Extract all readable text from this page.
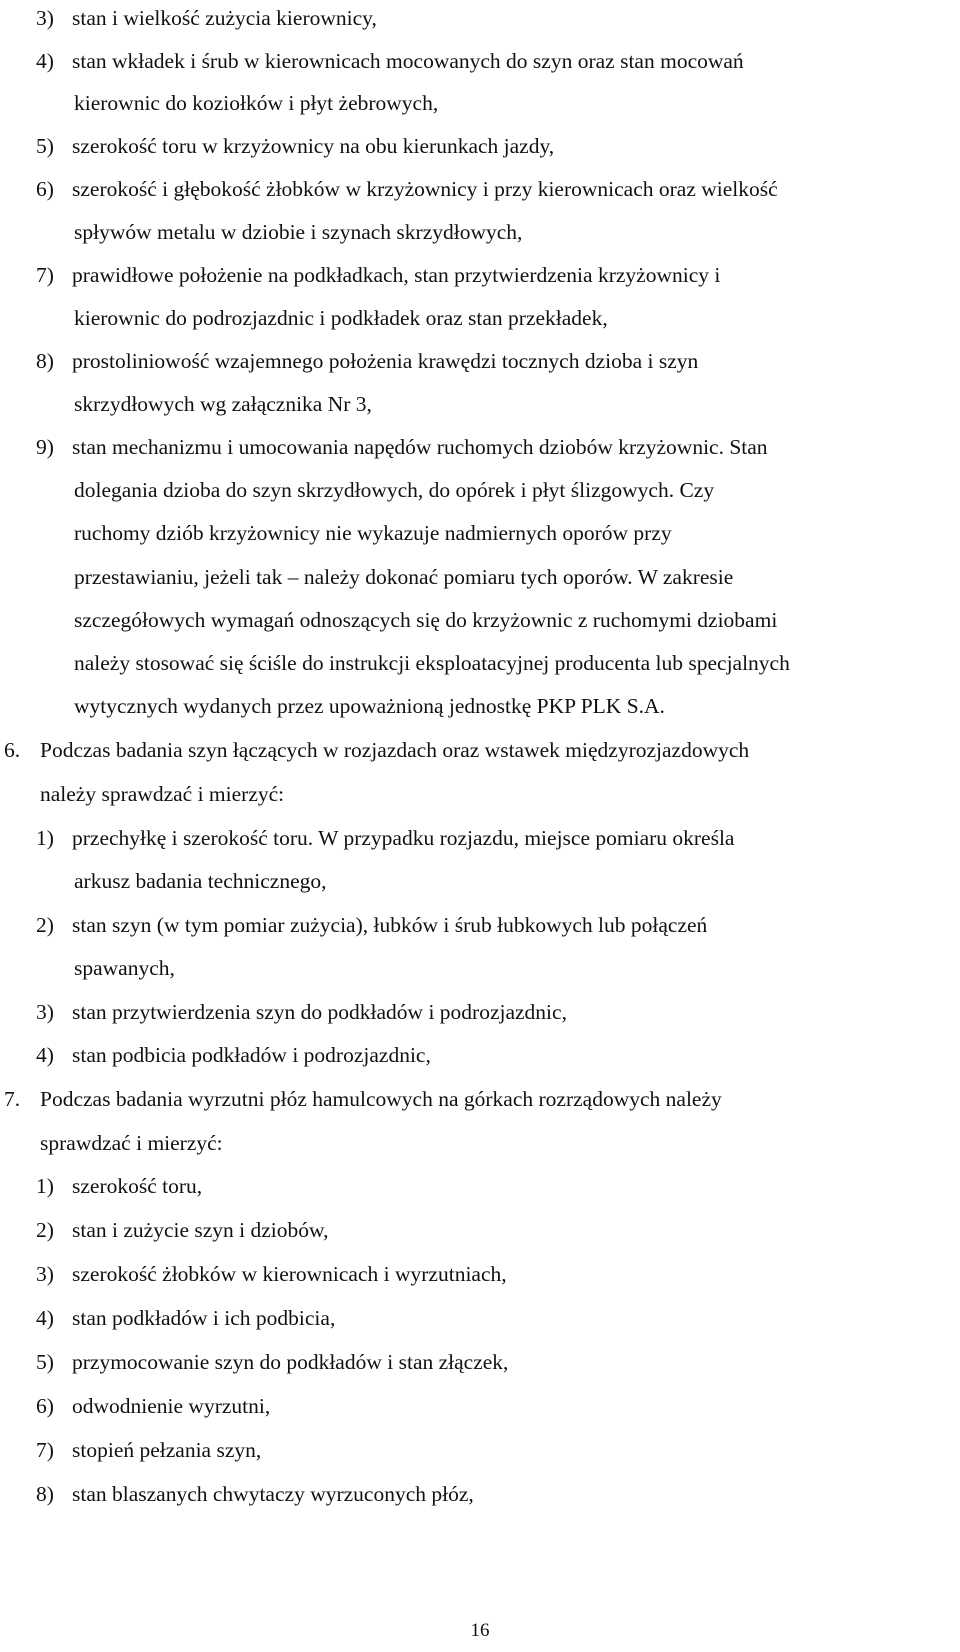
3) stan i wielkość zużycia kierownicy,
4) stan wkładek i śrub w kierownicach mocowanych do szyn oraz stan mocowań
kierownic do koziołków i płyt żebrowych,
5) szerokość toru w krzyżownicy na obu kierunkach jazdy,
6) szerokość i głębokość żłobków w krzyżownicy i przy kierownicach oraz wielkość
spływów metalu w dziobie i szynach skrzydłowych,
7) prawidłowe położenie na podkładkach, stan przytwierdzenia krzyżownicy i
kierownic do podrozjazdnic i podkładek oraz stan przekładek,
8) prostoliniowość wzajemnego położenia krawędzi tocznych dzioba i szyn
skrzydłowych wg załącznika Nr 3,
9) stan mechanizmu i umocowania napędów ruchomych dziobów krzyżownic. Stan
dolegania dzioba do szyn skrzydłowych, do opórek i płyt ślizgowych. Czy
ruchomy dziób krzyżownicy nie wykazuje nadmiernych oporów przy
przestawianiu, jeżeli tak – należy dokonać pomiaru tych oporów. W zakresie
szczegółowych wymagań odnoszących się do krzyżownic z ruchomymi dziobami
należy stosować się ściśle do instrukcji eksploatacyjnej producenta lub specjalnych
wytycznych wydanych przez upoważnioną jednostkę PKP PLK S.A.
6. Podczas badania szyn łączących w rozjazdach oraz wstawek międzyrozjazdowych
należy sprawdzać i mierzyć:
1) przechyłkę i szerokość toru. W przypadku rozjazdu, miejsce pomiaru określa
arkusz badania technicznego,
2) stan szyn (w tym pomiar zużycia), łubków i śrub łubkowych lub połączeń
spawanych,
3) stan przytwierdzenia szyn do podkładów i podrozjazdnic,
4) stan podbicia podkładów i podrozjazdnic,
7. Podczas badania wyrzutni płóz hamulcowych na górkach rozrządowych należy
sprawdzać i mierzyć:
1) szerokość toru,
2) stan i zużycie szyn i dziobów,
3) szerokość żłobków w kierownicach i wyrzutniach,
4) stan podkładów i ich podbicia,
5) przymocowanie szyn do podkładów i stan złączek,
6) odwodnienie wyrzutni,
7) stopień pełzania szyn,
8) stan blaszanych chwytaczy wyrzuconych płóz,
16
